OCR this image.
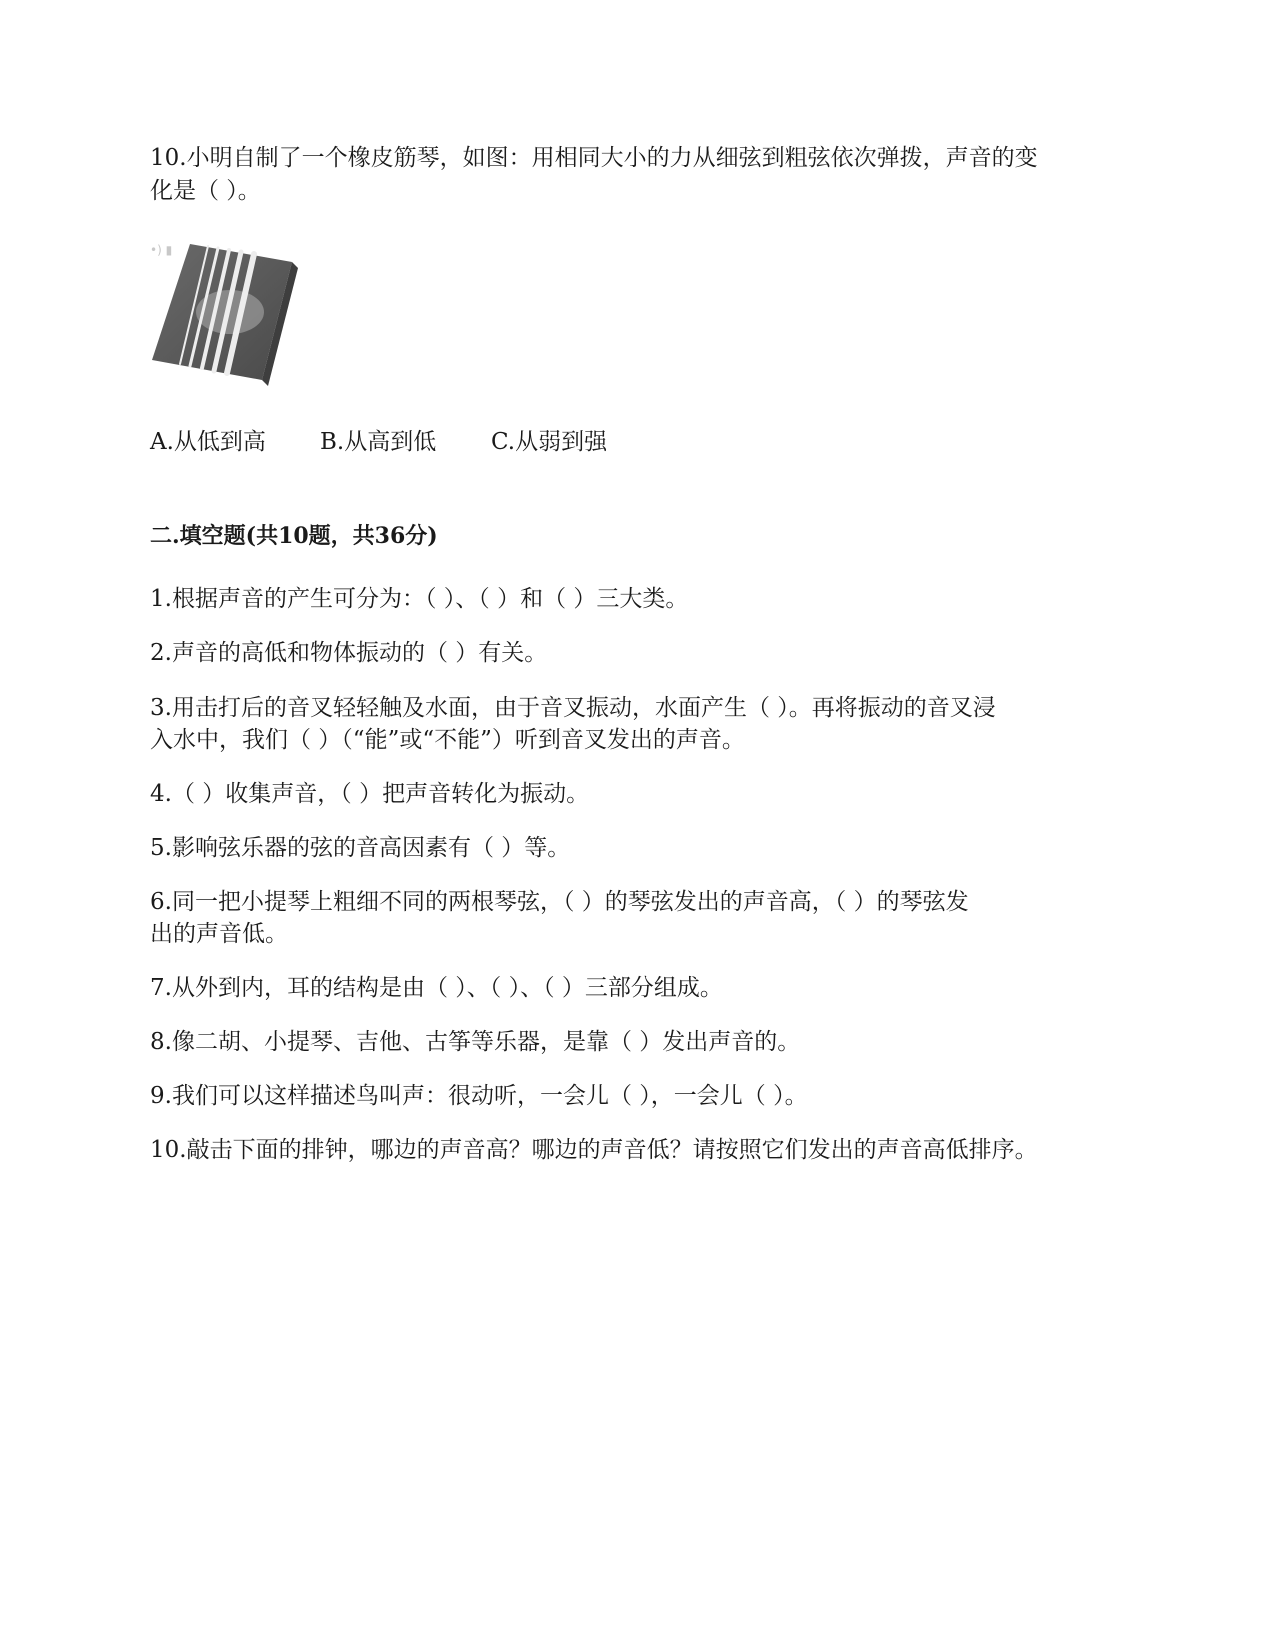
10.小明自制了一个橡皮筋琴，如图：用相同大小的力从细弦到粗弦依次弹拨，声音的变
化是（ ）。
•) ▮
A.从低到高 B.从高到低 C.从弱到强
二.填空题(共10题，共36分)
1.根据声音的产生可分为：（ ）、（ ）和（ ）三大类。
2.声音的高低和物体振动的（ ）有关。
3.用击打后的音叉轻轻触及水面，由于音叉振动，水面产生（ ）。再将振动的音叉浸
入水中，我们（ ）（“能”或“不能”）听到音叉发出的声音。
4.（ ）收集声音，（ ）把声音转化为振动。
5.影响弦乐器的弦的音高因素有（ ）等。
6.同一把小提琴上粗细不同的两根琴弦，（ ）的琴弦发出的声音高，（ ）的琴弦发
出的声音低。
7.从外到内，耳的结构是由（ ）、（ ）、（ ）三部分组成。
8.像二胡、小提琴、吉他、古筝等乐器，是靠（ ）发出声音的。
9.我们可以这样描述鸟叫声：很动听，一会儿（ ），一会儿（ ）。
10.敲击下面的排钟，哪边的声音高？哪边的声音低？请按照它们发出的声音高低排序。
